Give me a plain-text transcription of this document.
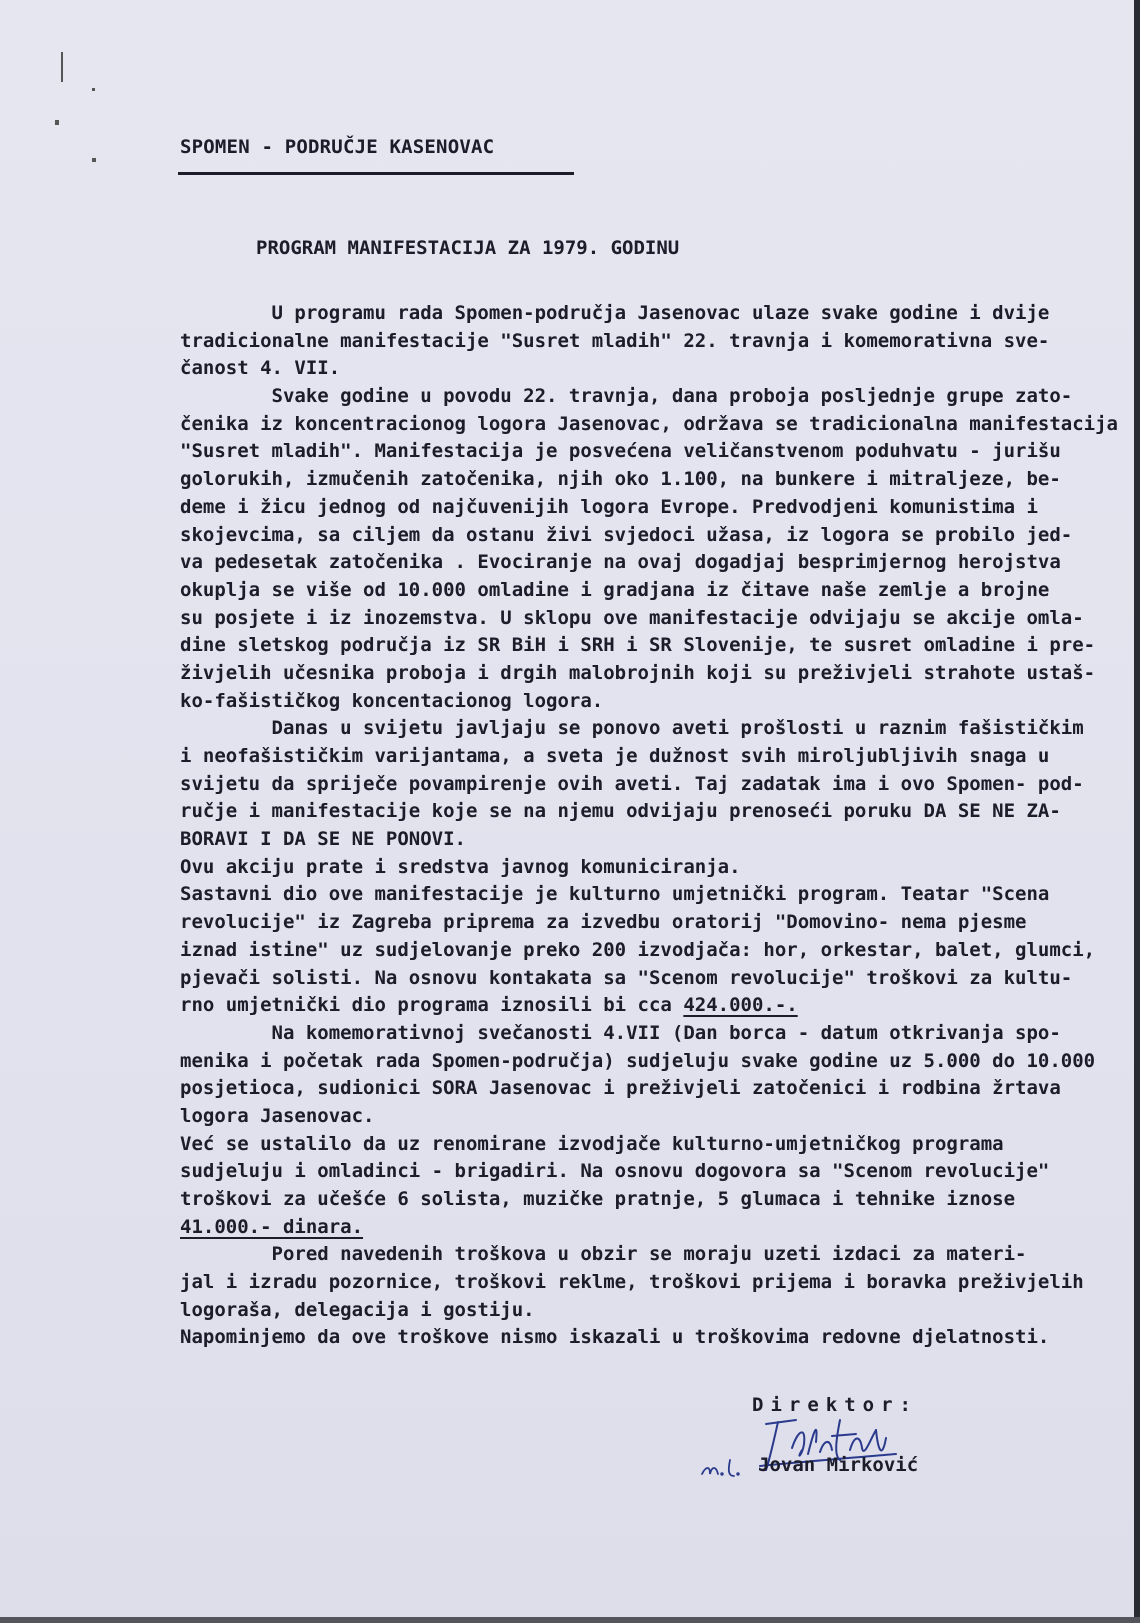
SPOMEN - PODRUČJE KASENOVAC
PROGRAM MANIFESTACIJA ZA 1979. GODINU
U programu rada Spomen-područja Jasenovac ulaze svake godine i dvije
tradicionalne manifestacije "Susret mladih" 22. travnja i komemorativna sve-
čanost 4. VII.
Svake godine u povodu 22. travnja, dana proboja posljednje grupe zato-
čenika iz koncentracionog logora Jasenovac, održava se tradicionalna manifestacija
"Susret mladih". Manifestacija je posvećena veličanstvenom poduhvatu - jurišu
golorukih, izmučenih zatočenika, njih oko 1.100, na bunkere i mitraljeze, be-
deme i žicu jednog od najčuvenijih logora Evrope. Predvodjeni komunistima i
skojevcima, sa ciljem da ostanu živi svjedoci užasa, iz logora se probilo jed-
va pedesetak zatočenika . Evociranje na ovaj dogadjaj besprimjernog herojstva
okuplja se više od 10.000 omladine i gradjana iz čitave naše zemlje a brojne
su posjete i iz inozemstva. U sklopu ove manifestacije odvijaju se akcije omla-
dine sletskog područja iz SR BiH i SRH i SR Slovenije, te susret omladine i pre-
živjelih učesnika proboja i drgih malobrojnih koji su preživjeli strahote ustaš-
ko-fašističkog koncentacionog logora.
Danas u svijetu javljaju se ponovo aveti prošlosti u raznim fašističkim
i neofašističkim varijantama, a sveta je dužnost svih miroljubljivih snaga u
svijetu da spriječe povampirenje ovih aveti. Taj zadatak ima i ovo Spomen- pod-
ručje i manifestacije koje se na njemu odvijaju prenoseći poruku DA SE NE ZA-
BORAVI I DA SE NE PONOVI.
Ovu akciju prate i sredstva javnog komuniciranja.
Sastavni dio ove manifestacije je kulturno umjetnički program. Teatar "Scena
revolucije" iz Zagreba priprema za izvedbu oratorij "Domovino- nema pjesme
iznad istine" uz sudjelovanje preko 200 izvodjača: hor, orkestar, balet, glumci,
pjevači solisti. Na osnovu kontakata sa "Scenom revolucije" troškovi za kultu-
rno umjetnički dio programa iznosili bi cca 424.000.-.
Na komemorativnoj svečanosti 4.VII (Dan borca - datum otkrivanja spo-
menika i početak rada Spomen-područja) sudjeluju svake godine uz 5.000 do 10.000
posjetioca, sudionici SORA Jasenovac i preživjeli zatočenici i rodbina žrtava
logora Jasenovac.
Već se ustalilo da uz renomirane izvodjače kulturno-umjetničkog programa
sudjeluju i omladinci - brigadiri. Na osnovu dogovora sa "Scenom revolucije"
troškovi za učešće 6 solista, muzičke pratnje, 5 glumaca i tehnike iznose
41.000.- dinara.
Pored navedenih troškova u obzir se moraju uzeti izdaci za materi-
jal i izradu pozornice, troškovi reklme, troškovi prijema i boravka preživjelih
logoraša, delegacija i gostiju.
Napominjemo da ove troškove nismo iskazali u troškovima redovne djelatnosti.
Direktor:
m.l.
Jovan Mirković
